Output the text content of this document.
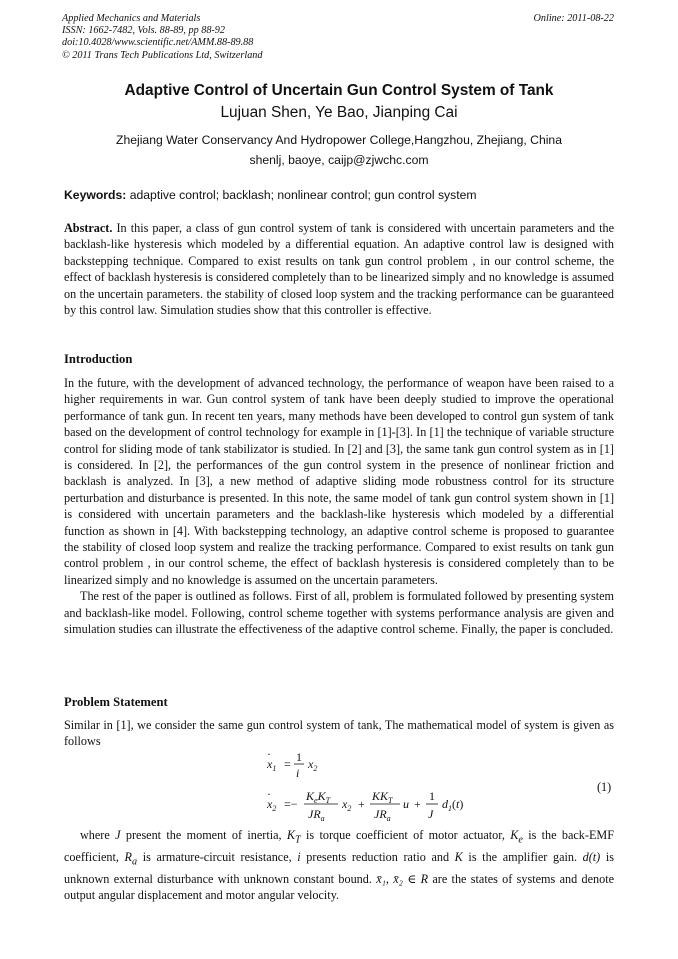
Applied Mechanics and Materials
ISSN: 1662-7482, Vols. 88-89, pp 88-92
doi:10.4028/www.scientific.net/AMM.88-89.88
© 2011 Trans Tech Publications Ltd, Switzerland
Online: 2011-08-22
Adaptive Control of Uncertain Gun Control System of Tank
Lujuan Shen, Ye Bao, Jianping Cai
Zhejiang Water Conservancy And Hydropower College,Hangzhou, Zhejiang, China
shenlj, baoye, caijp@zjwchc.com
Keywords: adaptive control; backlash; nonlinear control; gun control system

Abstract. In this paper, a class of gun control system of tank is considered with uncertain parameters and the backlash-like hysteresis which modeled by a differential equation. An adaptive control law is designed with backstepping technique. Compared to exist results on tank gun control problem , in our control scheme, the effect of backlash hysteresis is considered completely than to be linearized simply and no knowledge is assumed on the uncertain parameters. the stability of closed loop system and the tracking performance can be guaranteed by this control law. Simulation studies show that this controller is effective.

Introduction

In the future, with the development of advanced technology, the performance of weapon have been raised to a higher requirements in war. Gun control system of tank have been deeply studied to improve the operational performance of tank gun. In recent ten years, many methods have been developed to control gun system of tank based on the development of control technology for example in [1]-[3]. In [1] the technique of variable structure control for sliding mode of tank stabilizator is studied. In [2] and [3], the same tank gun control system as in [1] is considered. In [2], the performances of the gun control system in the presence of nonlinear friction and backlash is analyzed. In [3], a new method of adaptive sliding mode robustness control for its structure perturbation and disturbance is presented. In this note, the same model of tank gun control system shown in [1] is considered with uncertain parameters and the backlash-like hysteresis which modeled by a differential function as shown in [4]. With backstepping technology, an adaptive control scheme is proposed to guarantee the stability of closed loop system and realize the tracking performance. Compared to exist results on tank gun control problem , in our control scheme, the effect of backlash hysteresis is considered completely than to be linearized simply and no knowledge is assumed on the uncertain parameters.

The rest of the paper is outlined as follows. First of all, problem is formulated followed by presenting system and backlash-like model. Following, control scheme together with systems performance analysis are given and simulation studies can illustrate the effectiveness of the adaptive control scheme. Finally, the paper is concluded.

Problem Statement
Similar in [1], we consider the same gun control system of tank, The mathematical model of system is given as follows
$x_1$
·
= 1
i
$x_2$
$x_2$
·
=−
$K_eK_T$
$JR_a$
$x_2$ +
$KK_T$
$JR_a$
u +
1
J
$d_1(t)$
(1)

where J present the moment of inertia, $K_T$ is torque coefficient of motor actuator, $K_e$ is the back-EMF coefficient, $R_a$ is armature-circuit resistance, i presents reduction ratio and K is the amplifier gain. d(t) is unknown external disturbance with unknown constant bound. x̄₁, x̄₂ ∈ R are the states of systems and denote output angular displacement and motor angular velocity.
